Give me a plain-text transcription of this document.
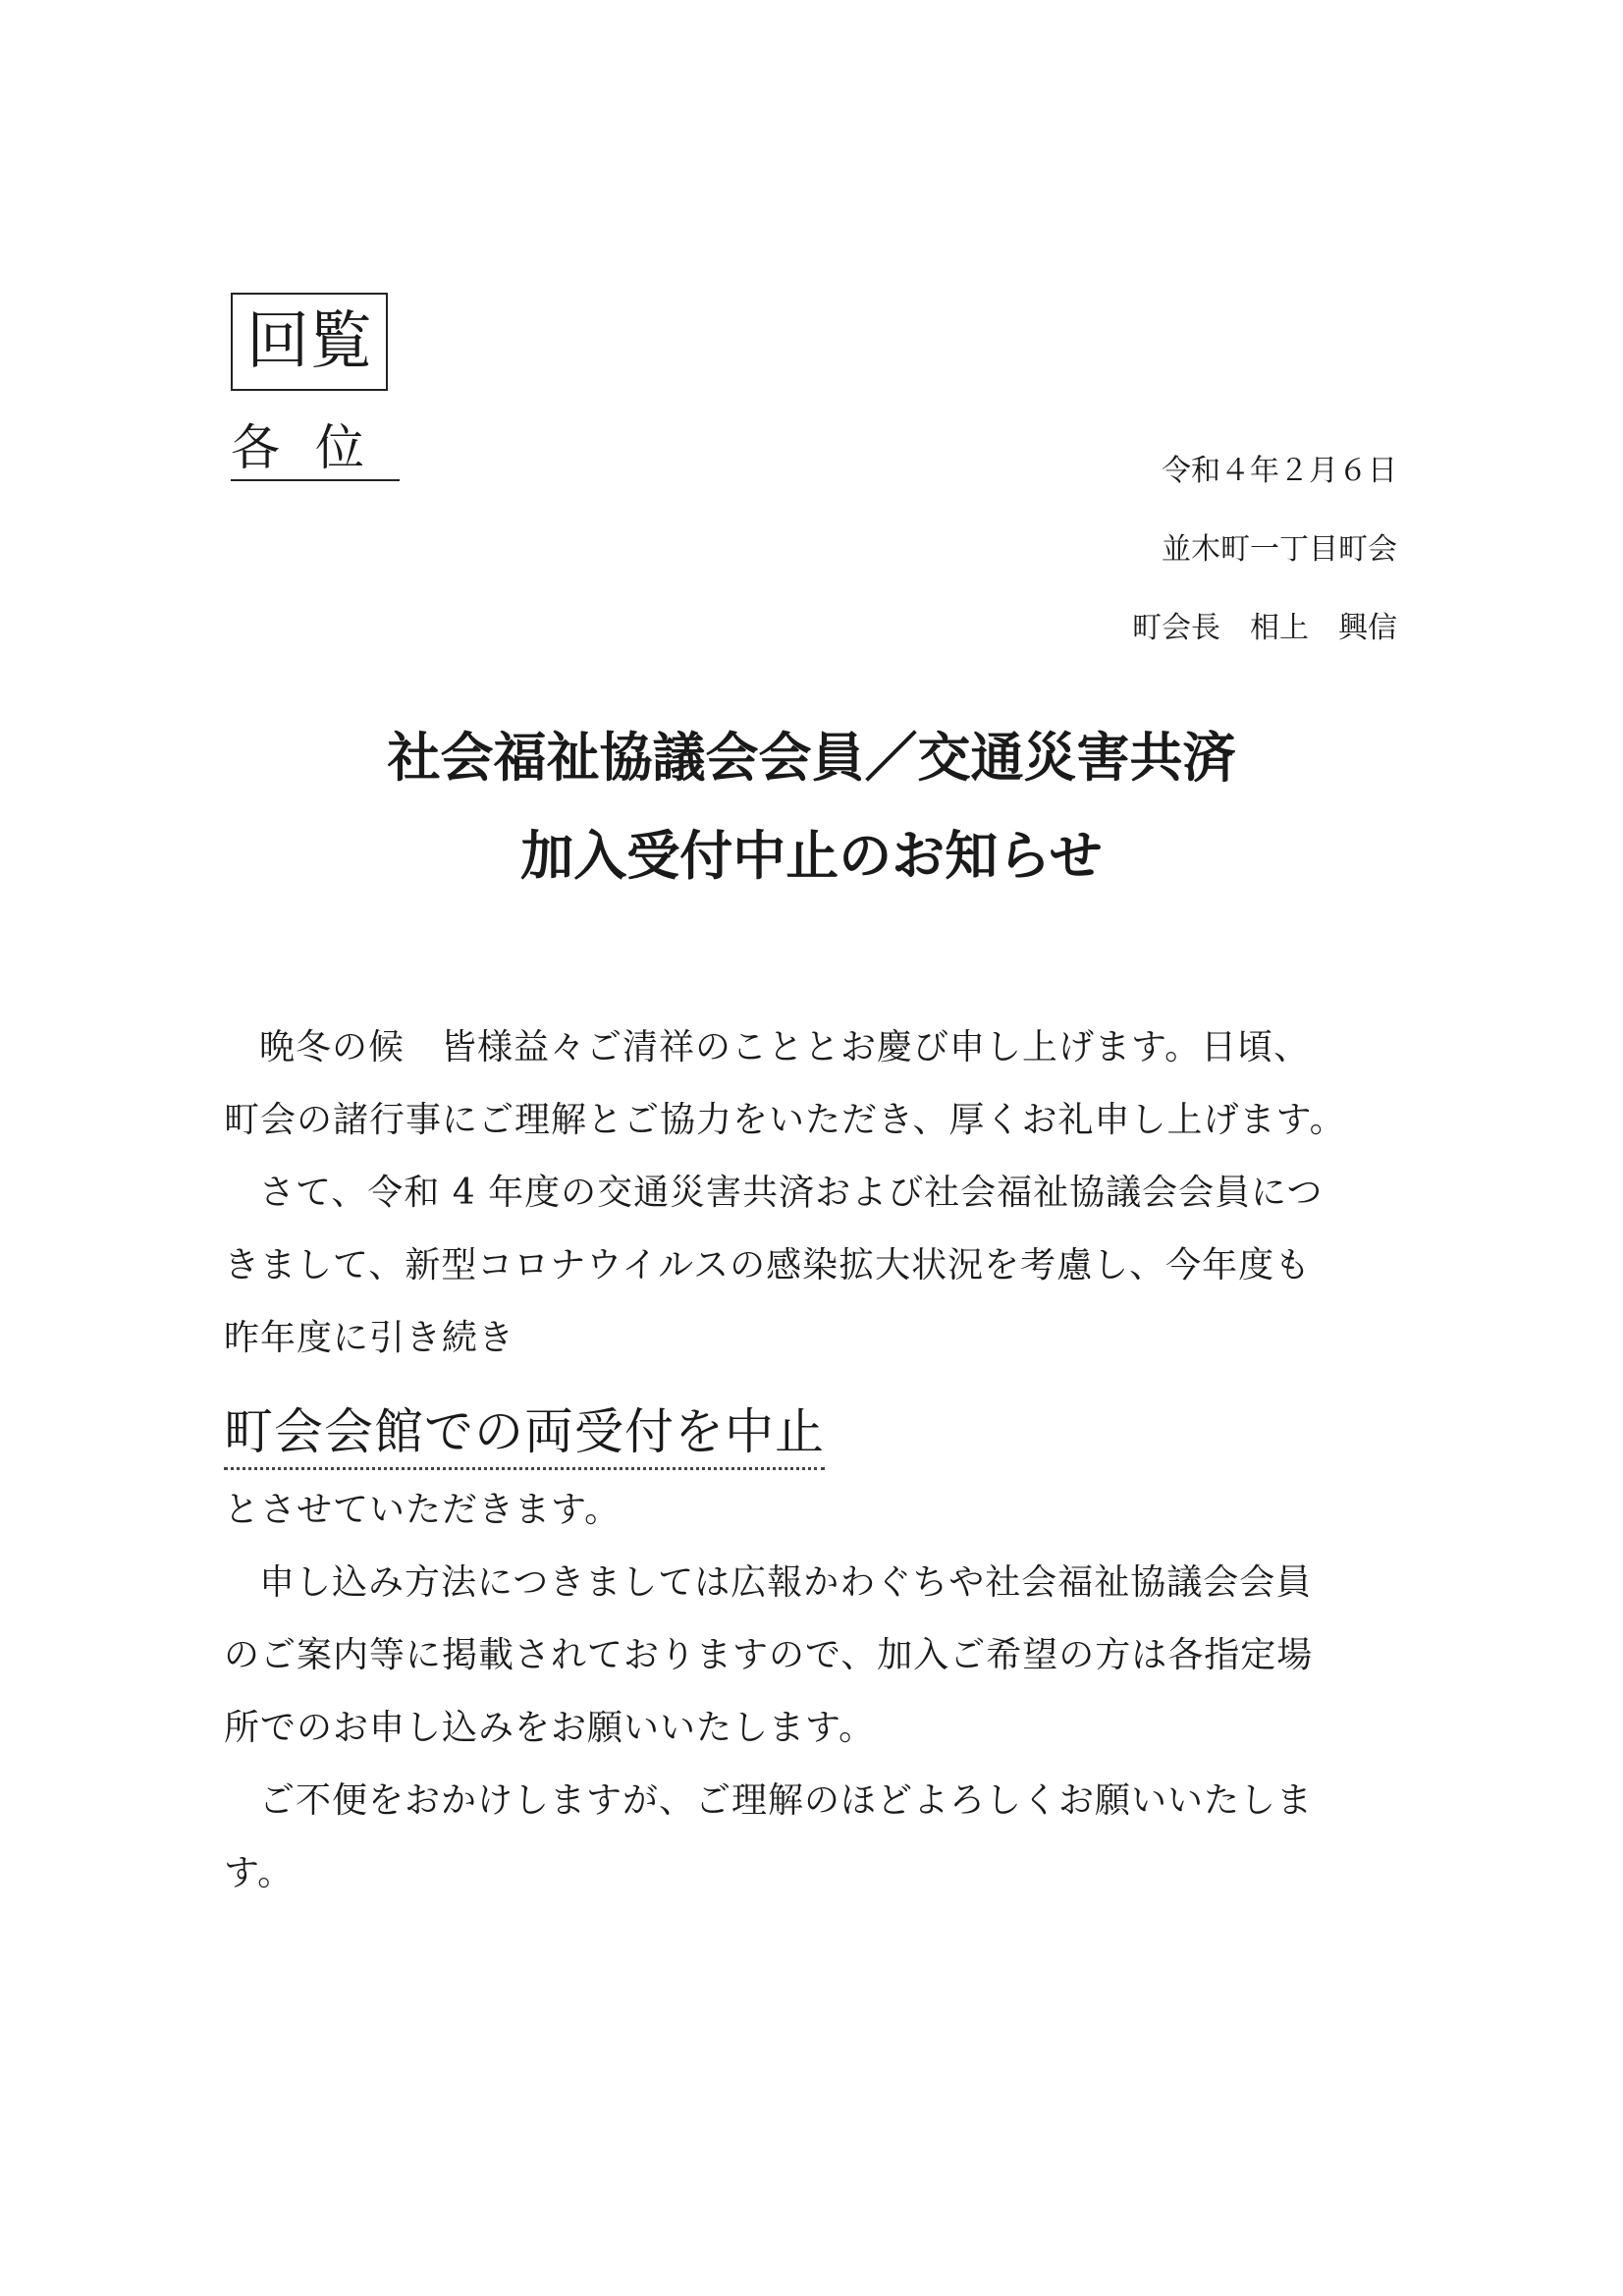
回覧
各位	令和４年２月６日
並木町一丁目町会
町会長　相上　興信
社会福祉協議会会員／交通災害共済
加入受付中止のお知らせ

晩冬の候　皆様益々ご清祥のこととお慶び申し上げます。日頃、

町会の諸行事にご理解とご協力をいただき、厚くお礼申し上げます。

さて、令和 4 年度の交通災害共済および社会福祉協議会会員につ

きまして、新型コロナウイルスの感染拡大状況を考慮し、今年度も

昨年度に引き続き

町会会館での両受付を中止

とさせていただきます。

申し込み方法につきましては広報かわぐちや社会福祉協議会会員

のご案内等に掲載されておりますので、加入ご希望の方は各指定場

所でのお申し込みをお願いいたします。

ご不便をおかけしますが、ご理解のほどよろしくお願いいたしま

す。
